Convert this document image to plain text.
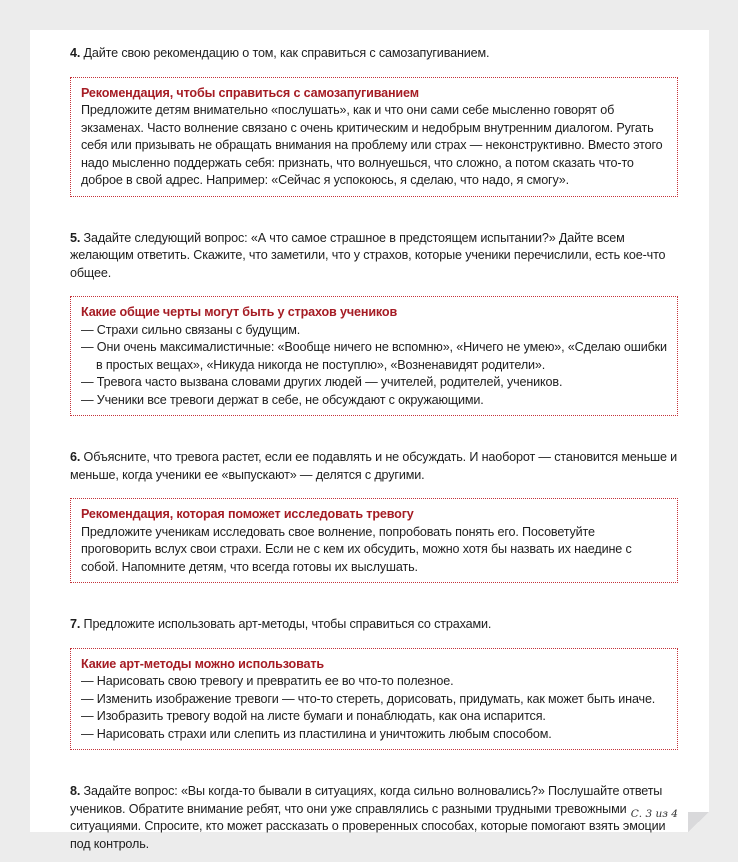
4. Дайте свою рекомендацию о том, как справиться с самозапугиванием.

Рекомендация, чтобы справиться с самозапугиванием

Предложите детям внимательно «послушать», как и что они сами себе мысленно говорят об экзаменах. Часто волнение связано с очень критическим и недобрым внутренним диалогом. Ругать себя или призывать не обращать внимания на проблему или страх — неконструктивно. Вместо этого надо мысленно поддержать себя: признать, что волнуешься, что сложно, а потом сказать что-то доброе в свой адрес. Например: «Сейчас я успокоюсь, я сделаю, что надо, я смогу».

5. Задайте следующий вопрос: «А что самое страшное в предстоящем испытании?» Дайте всем желающим ответить. Скажите, что заметили, что у страхов, которые ученики перечислили, есть кое-что общее.

Какие общие черты могут быть у страхов учеников

— Страхи сильно связаны с будущим.
— Они очень максималистичные: «Вообще ничего не вспомню», «Ничего не умею», «Сделаю ошибки в простых вещах», «Никуда никогда не поступлю», «Возненавидят родители».
— Тревога часто вызвана словами других людей — учителей, родителей, учеников.
— Ученики все тревоги держат в себе, не обсуждают с окружающими.

6. Объясните, что тревога растет, если ее подавлять и не обсуждать. И наоборот — становится меньше и меньше, когда ученики ее «выпускают» — делятся с другими.

Рекомендация, которая поможет исследовать тревогу

Предложите ученикам исследовать свое волнение, попробовать понять его. Посоветуйте проговорить вслух свои страхи. Если не с кем их обсудить, можно хотя бы назвать их наедине с собой. Напомните детям, что всегда готовы их выслушать.

7. Предложите использовать арт-методы, чтобы справиться со страхами.

Какие арт-методы можно использовать

— Нарисовать свою тревогу и превратить ее во что-то полезное.
— Изменить изображение тревоги — что-то стереть, дорисовать, придумать, как может быть иначе.
— Изобразить тревогу водой на листе бумаги и понаблюдать, как она испарится.
— Нарисовать страхи или слепить из пластилина и уничтожить любым способом.

8. Задайте вопрос: «Вы когда-то бывали в ситуациях, когда сильно волновались?» Послушайте ответы учеников. Обратите внимание ребят, что они уже справлялись с разными трудными тревожными ситуациями. Спросите, кто может рассказать о проверенных способах, которые помогают взять эмоции под контроль.

С. 3 из 4
